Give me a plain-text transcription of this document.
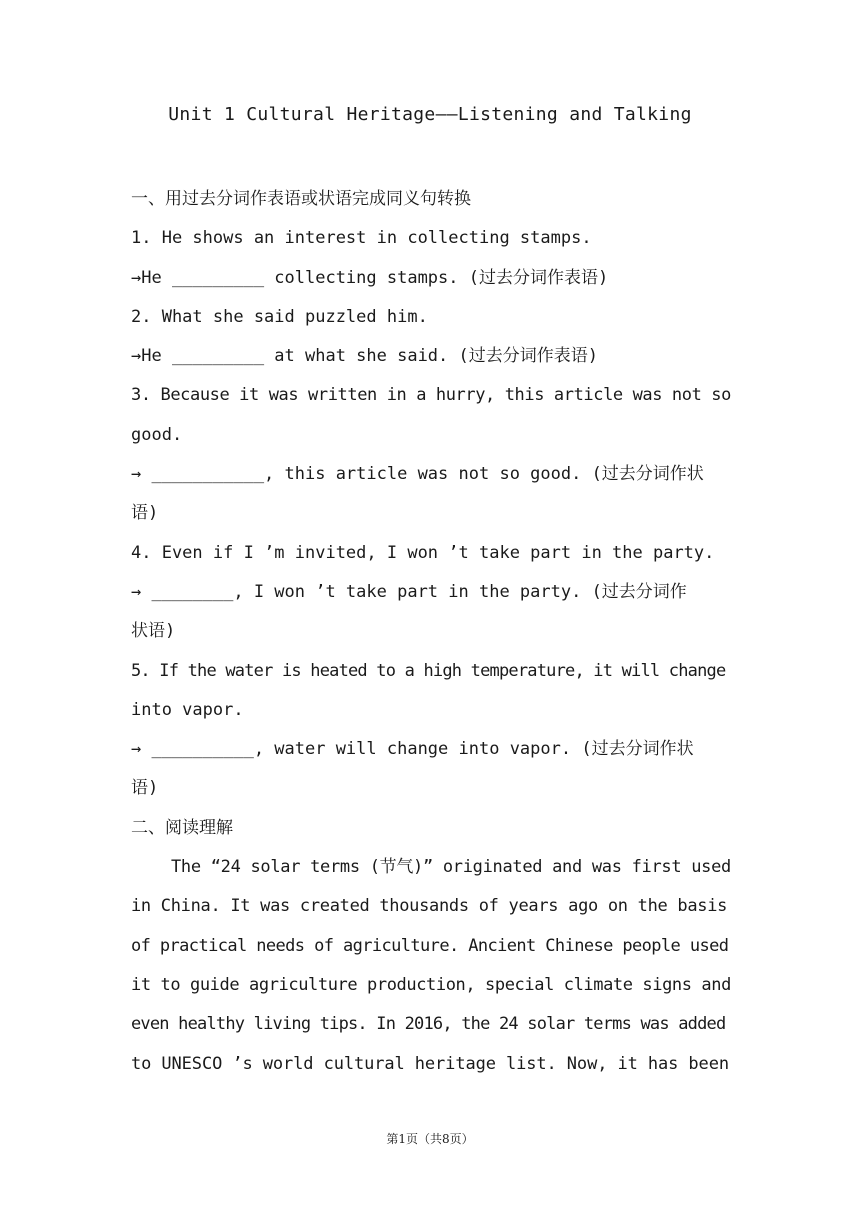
Unit 1 Cultural Heritage——Listening and Talking
一、用过去分词作表语或状语完成同义句转换
1. He shows an interest in collecting stamps.
→He _________ collecting stamps. (过去分词作表语)
2. What she said puzzled him.
→He _________ at what she said. (过去分词作表语)
3. Because it was written in a hurry, this article was not so
good.
→ ___________, this article was not so good. (过去分词作状
语)
4. Even if I ’m invited, I won ’t take part in the party.
→ ________, I won ’t take part in the party. (过去分词作
状语)
5. If the water is heated to a high temperature, it will change
into vapor.
→ __________, water will change into vapor. (过去分词作状
语)
二、阅读理解
The “24 solar terms (节气)” originated and was first used
in China. It was created thousands of years ago on the basis
of practical needs of agriculture. Ancient Chinese people used
it to guide agriculture production, special climate signs and
even healthy living tips. In 2016, the 24 solar terms was added
to UNESCO ’s world cultural heritage list. Now, it has been
第1页（共8页）
